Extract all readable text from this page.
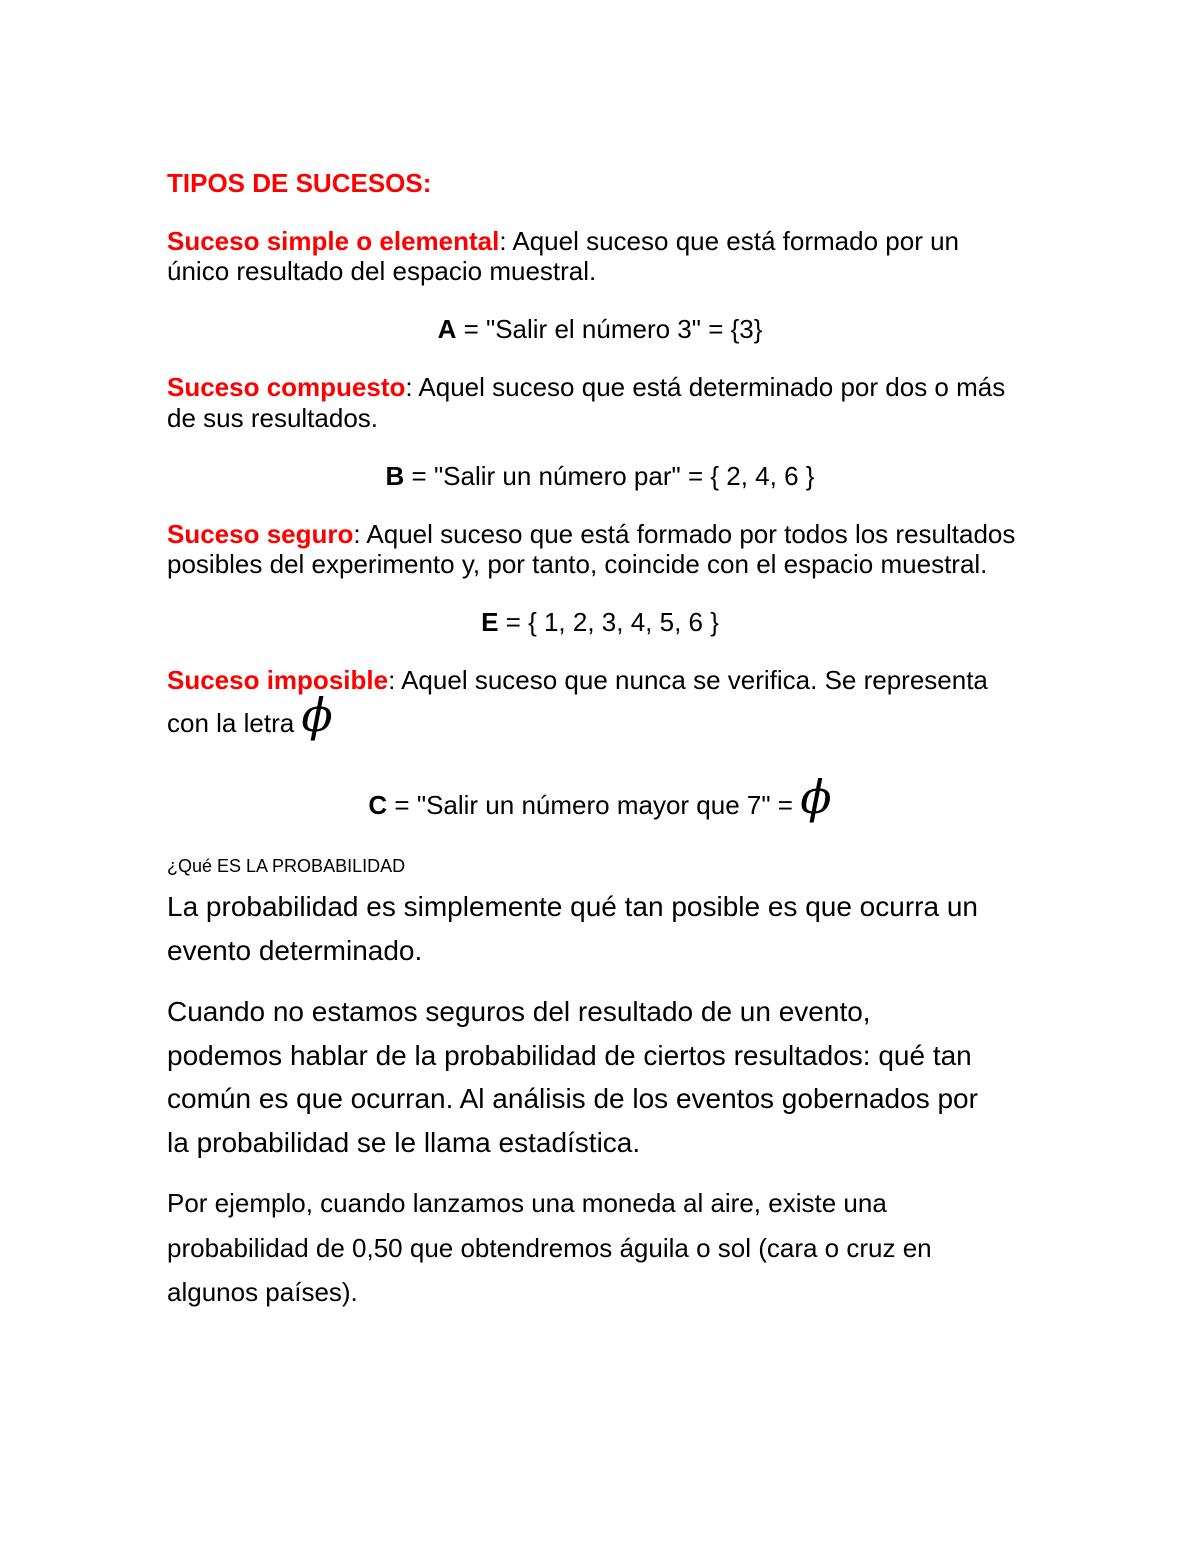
TIPOS DE SUCESOS:
Suceso simple o elemental: Aquel suceso que está formado por un
único resultado del espacio muestral.
A = "Salir el número 3" = {3}
Suceso compuesto: Aquel suceso que está determinado por dos o más
de sus resultados.
B = "Salir un número par" = { 2, 4, 6 }
Suceso seguro: Aquel suceso que está formado por todos los resultados
posibles del experimento y, por tanto, coincide con el espacio muestral.
E = { 1, 2, 3, 4, 5, 6 }
Suceso imposible: Aquel suceso que nunca se verifica. Se representa
con la letra ϕ
C = "Salir un número mayor que 7" = ϕ
¿Qué ES LA PROBABILIDAD
La probabilidad es simplemente qué tan posible es que ocurra un
evento determinado.
Cuando no estamos seguros del resultado de un evento,
podemos hablar de la probabilidad de ciertos resultados: qué tan
común es que ocurran. Al análisis de los eventos gobernados por
la probabilidad se le llama estadística.
Por ejemplo, cuando lanzamos una moneda al aire, existe una
probabilidad de 0,50 que obtendremos águila o sol (cara o cruz en
algunos países).
